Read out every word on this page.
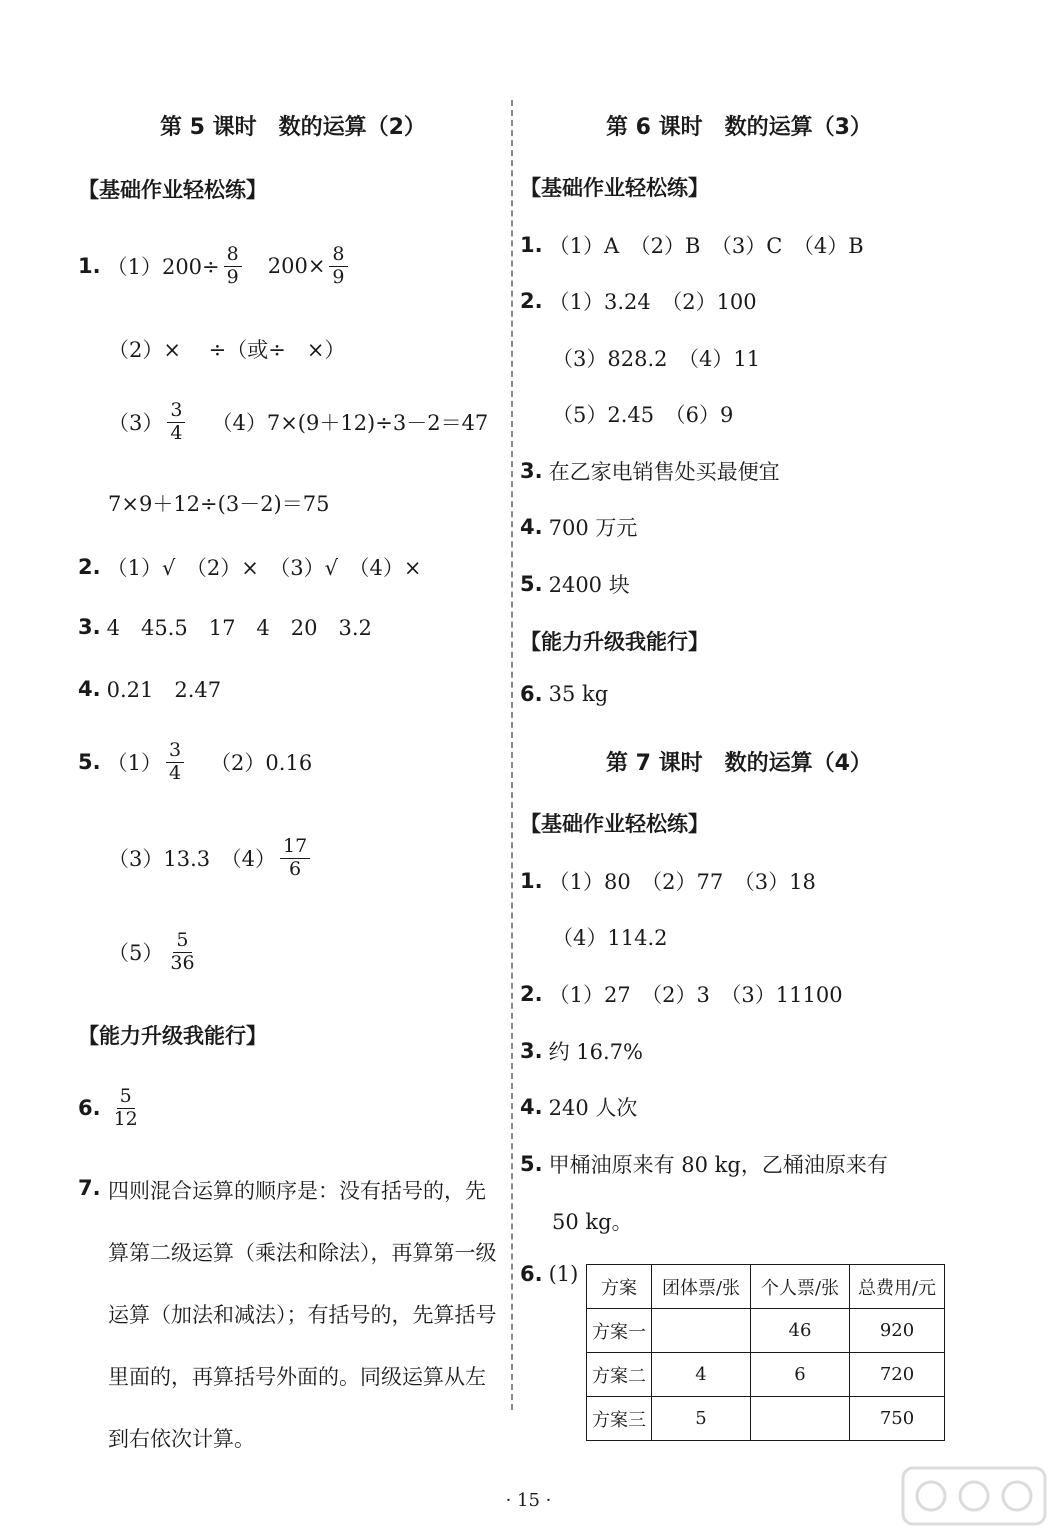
第 5 课时　数的运算（2）
【基础作业轻松练】
1. $(1)200\div \frac{8}{9} 200\times \frac{8}{9}$
（2）×　 ÷（或÷　×）
$(3) \frac{3}{4} (4)7\times(9+12)\div 3-2=47$
7×9＋12÷(3－2)＝75
2. （1）√　（2）×　（3）√　（4）×
3. 4　45.5　17　4　20　3.2
4. 0.21　2.47
5. $(1) \frac{3}{4} (2)0.16$
（3）13.3　$(4) \frac{17}{6}$
$(5) \frac{5}{36}$
【能力升级我能行】
6. $\frac{5}{12}$
7. 四则混合运算的顺序是：没有括号的，先算第二级运算（乘法和除法），再算第一级运算（加法和减法）；有括号的，先算括号里面的，再算括号外面的。同级运算从左到右依次计算。
第 6 课时　数的运算（3）
【基础作业轻松练】
1. （1）A　（2）B　（3）C　（4）B
2. （1）3.24　（2）100
（3）828.2　（4）11
（5）2.45　（6）9
3. 在乙家电销售处买最便宜
4. 700 万元
5. 2400 块
【能力升级我能行】
6. 35 kg
第 7 课时　数的运算（4）
【基础作业轻松练】
1. （1）80　（2）77　（3）18
（4）114.2
2. （1）27　（2）3　（3）11100
3. 约 16.7%
4. 240 人次
5. 甲桶油原来有 80 kg，乙桶油原来有
50 kg。
6. (1)
方案	团体票/张	个人票/张	总费用/元
方案一		46	920
方案二	4	6	720
方案三	5		750
· 15 ·
